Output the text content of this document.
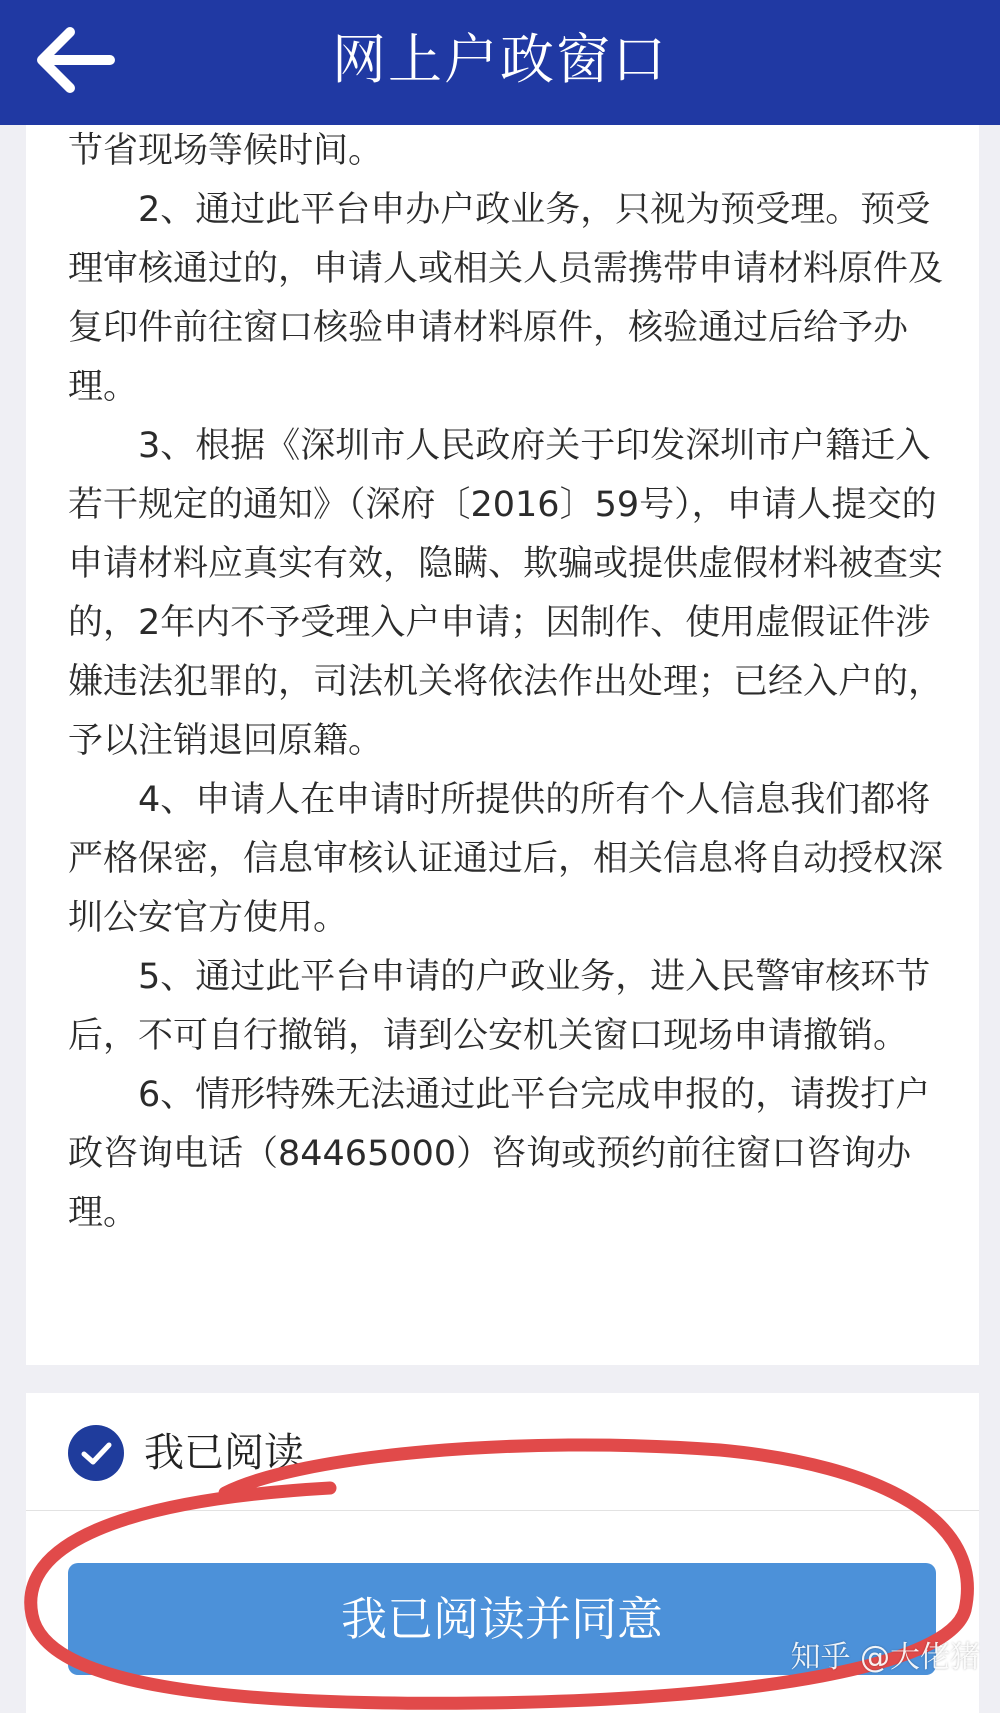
网上户政窗口

节省现场等候时间。

2、通过此平台申办户政业务，只视为预受理。预受理审核通过的，申请人或相关人员需携带申请材料原件及复印件前往窗口核验申请材料原件，核验通过后给予办理。

3、根据《深圳市人民政府关于印发深圳市户籍迁入若干规定的通知》（深府〔2016〕59号），申请人提交的申请材料应真实有效，隐瞒、欺骗或提供虚假材料被查实的，2年内不予受理入户申请；因制作、使用虚假证件涉嫌违法犯罪的，司法机关将依法作出处理；已经入户的，予以注销退回原籍。

4、申请人在申请时所提供的所有个人信息我们都将严格保密，信息审核认证通过后，相关信息将自动授权深圳公安官方使用。

5、通过此平台申请的户政业务，进入民警审核环节后，不可自行撤销，请到公安机关窗口现场申请撤销。

6、情形特殊无法通过此平台完成申报的，请拨打户政咨询电话（84465000）咨询或预约前往窗口咨询办理。

我已阅读
我已阅读并同意
知乎 @大佬猪
